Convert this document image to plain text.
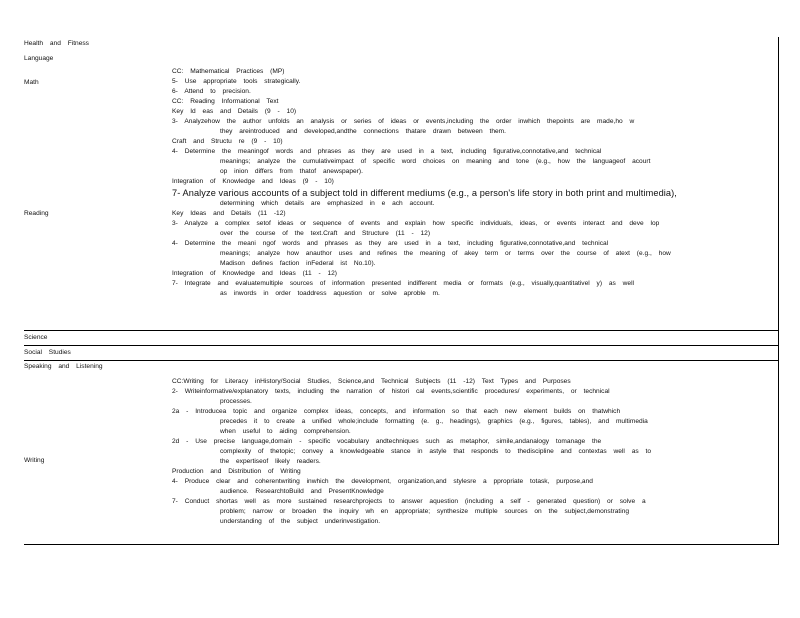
Health and Fitness
Language
Math
CC: Mathematical Practices (MP)
5- Use appropriate tools strategically.
6- Attend to precision.
Reading
CC: Reading Informational Text
Key Id eas and Details (9 - 10)
3- Analyzehow the author unfolds an analysis or series of ideas or events,including the order inwhich thepoints are made,ho w
they areintroduced and developed,andthe connections thatare drawn between them.
Craft and Structu re (9 - 10)
4- Determine the meaningof words and phrases as they are used in a text, including figurative,connotative,and technical
meanings; analyze the cumulativeimpact of specific word choices on meaning and tone (e.g., how the languageof acourt
op inion differs from thatof anewspaper).
Integration of Knowledge and Ideas (9 - 10)
7- Analyze various accounts of a subject told in different mediums (e.g., a person's life story in both print and multimedia),
determining which details are emphasized in e ach account.
Key Ideas and Details (11 -12)
3- Analyze a complex setof ideas or sequence of events and explain how specific individuals, ideas, or events interact and deve lop
over the course of the text.Craft and Structure (11 - 12)
4- Determine the meani ngof words and phrases as they are used in a text, including figurative,connotative,and technical
meanings; analyze how anauthor uses and refines the meaning of akey term or terms over the course of atext (e.g., how
Madison defines faction inFederal ist No.10).
Integration of Knowledge and Ideas (11 - 12)
7- Integrate and evaluatemultiple sources of information presented indifferent media or formats (e.g., visually,quantitativel y) as well
as inwords in order toaddress aquestion or solve aproble m.
Science
Social Studies
Speaking and Listening
Writing
CC:Writing for Literacy inHistory/Social Studies, Science,and Technical Subjects (11 -12) Text Types and Purposes
2- Writeinformative/explanatory texts, including the narration of histori cal events,scientific procedures/ experiments, or technical
processes.
2a - Introducea topic and organize complex ideas, concepts, and information so that each new element builds on thatwhich
precedes it to create a unified whole;include formatting (e. g., headings), graphics (e.g., figures, tables), and multimedia
when useful to aiding comprehension.
2d - Use precise language,domain - specific vocabulary andtechniques such as metaphor, simile,andanalogy tomanage the
complexity of thetopic; convey a knowledgeable stance in astyle that responds to thediscipline and contextas well as to
the expertiseof likely readers.
Production and Distribution of Writing
4- Produce clear and coherentwriting inwhich the development, organization,and stylesre a ppropriate totask, purpose,and
audience. ResearchtoBuild and PresentKnowledge
7- Conduct shortas well as more sustained researchprojects to answer aquestion (including a self - generated question) or solve a
problem; narrow or broaden the inquiry wh en appropriate; synthesize multiple sources on the subject,demonstrating
understanding of the subject underinvestigation.
